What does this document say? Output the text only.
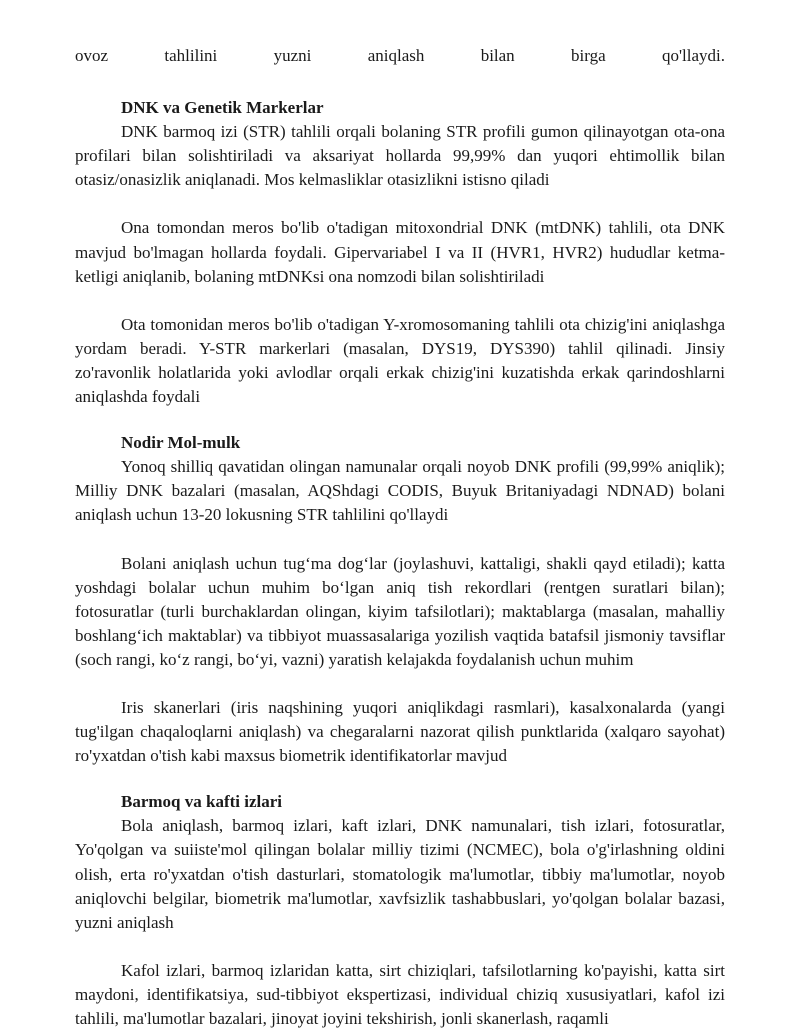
ovoz	tahlilini	yuzni	aniqlash	bilan	birga	qo'llaydi.

DNK va Genetik Markerlar

DNK barmoq izi (STR) tahlili orqali bolaning STR profili gumon qilinayotgan ota-ona profilari bilan solishtiriladi va aksariyat hollarda 99,99% dan yuqori ehtimollik bilan otasiz/onasizlik aniqlanadi. Mos kelmasliklar otasizlikni istisno qiladi

Ona tomondan meros bo'lib o'tadigan mitoxondrial DNK (mtDNK) tahlili, ota DNK mavjud bo'lmagan hollarda foydali. Gipervariabel I va II (HVR1, HVR2) hududlar ketma-ketligi aniqlanib, bolaning mtDNKsi ona nomzodi bilan solishtiriladi

Ota tomonidan meros bo'lib o'tadigan Y-xromosomaning tahlili ota chizig'ini aniqlashga yordam beradi. Y-STR markerlari (masalan, DYS19, DYS390) tahlil qilinadi. Jinsiy zo'ravonlik holatlarida yoki avlodlar orqali erkak chizig'ini kuzatishda erkak qarindoshlarni aniqlashda foydali

Nodir Mol-mulk

Yonoq shilliq qavatidan olingan namunalar orqali noyob DNK profili (99,99% aniqlik); Milliy DNK bazalari (masalan, AQShdagi CODIS, Buyuk Britaniyadagi NDNAD) bolani aniqlash uchun 13-20 lokusning STR tahlilini qo'llaydi

Bolani aniqlash uchun tug‘ma dog‘lar (joylashuvi, kattaligi, shakli qayd etiladi); katta yoshdagi bolalar uchun muhim bo‘lgan aniq tish rekordlari (rentgen suratlari bilan); fotosuratlar (turli burchaklardan olingan, kiyim tafsilotlari); maktablarga (masalan, mahalliy boshlang‘ich maktablar) va tibbiyot muassasalariga yozilish vaqtida batafsil jismoniy tavsiflar (soch rangi, ko‘z rangi, bo‘yi, vazni) yaratish kelajakda foydalanish uchun muhim

Iris skanerlari (iris naqshining yuqori aniqlikdagi rasmlari), kasalxonalarda (yangi tug'ilgan chaqaloqlarni aniqlash) va chegaralarni nazorat qilish punktlarida (xalqaro sayohat) ro'yxatdan o'tish kabi maxsus biometrik identifikatorlar mavjud

Barmoq va kafti izlari

Bola aniqlash, barmoq izlari, kaft izlari, DNK namunalari, tish izlari, fotosuratlar, Yo'qolgan va suiiste'mol qilingan bolalar milliy tizimi (NCMEC), bola o'g'irlashning oldini olish, erta ro'yxatdan o'tish dasturlari, stomatologik ma'lumotlar, tibbiy ma'lumotlar, noyob aniqlovchi belgilar, biometrik ma'lumotlar, xavfsizlik tashabbuslari, yo'qolgan bolalar bazasi, yuzni aniqlash

Kafol izlari, barmoq izlaridan katta, sirt chiziqlari, tafsilotlarning ko'payishi, katta sirt maydoni, identifikatsiya, sud-tibbiyot ekspertizasi, individual chiziq xususiyatlari, kafol izi tahlili, ma'lumotlar bazalari, jinoyat joyini tekshirish, jonli skanerlash, raqamli
